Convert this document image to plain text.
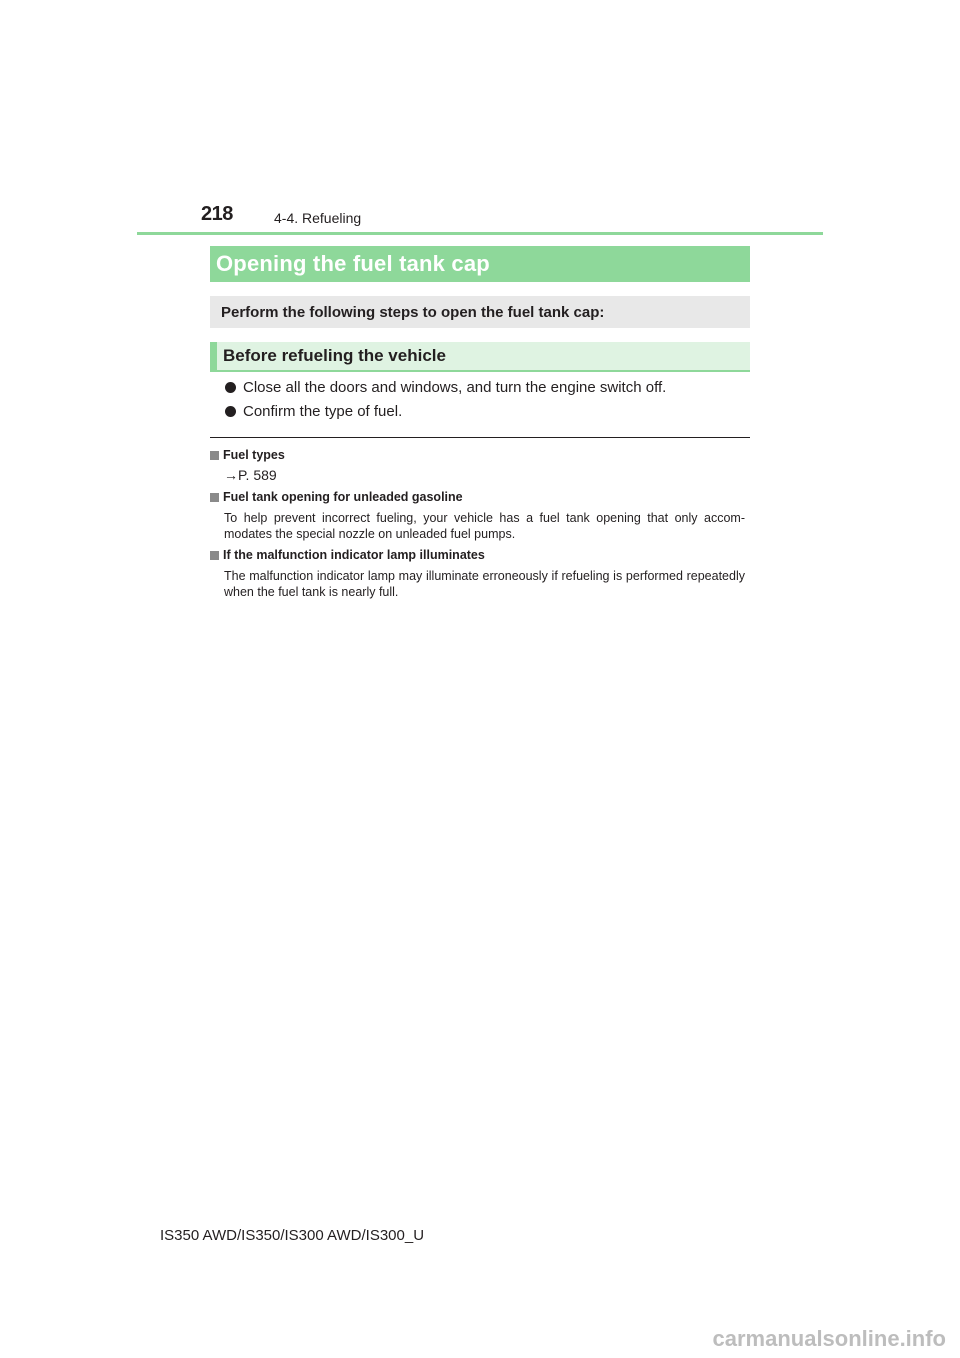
218	4-4. Refueling
Opening the fuel tank cap
Perform the following steps to open the fuel tank cap:
Before refueling the vehicle
Close all the doors and windows, and turn the engine switch off.
Confirm the type of fuel.
Fuel types
→P. 589
Fuel tank opening for unleaded gasoline
To help prevent incorrect fueling, your vehicle has a fuel tank opening that only accom-modates the special nozzle on unleaded fuel pumps.
If the malfunction indicator lamp illuminates
The malfunction indicator lamp may illuminate erroneously if refueling is performed repeatedly when the fuel tank is nearly full.
IS350 AWD/IS350/IS300 AWD/IS300_U
carmanualsonline.info
